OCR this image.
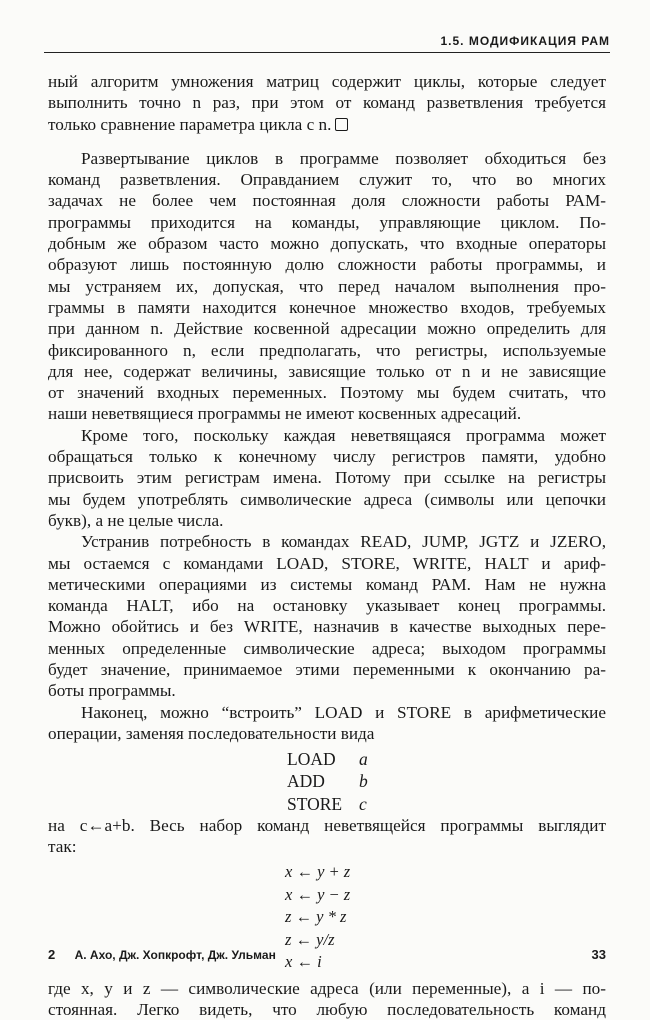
1.5. МОДИФИКАЦИЯ РАМ
ный алгоритм умножения матриц содержит циклы, которые следует
выполнить точно n раз, при этом от команд разветвления требуется
только сравнение параметра цикла с n.
Развертывание циклов в программе позволяет обходиться без
команд разветвления. Оправданием служит то, что во многих
задачах не более чем постоянная доля сложности работы РАМ-
программы приходится на команды, управляющие циклом. По-
добным же образом часто можно допускать, что входные операторы
образуют лишь постоянную долю сложности работы программы, и
мы устраняем их, допуская, что перед началом выполнения про-
граммы в памяти находится конечное множество входов, требуемых
при данном n. Действие косвенной адресации можно определить для
фиксированного n, если предполагать, что регистры, используемые
для нее, содержат величины, зависящие только от n и не зависящие
от значений входных переменных. Поэтому мы будем считать, что
наши неветвящиеся программы не имеют косвенных адресаций.
Кроме того, поскольку каждая неветвящаяся программа может
обращаться только к конечному числу регистров памяти, удобно
присвоить этим регистрам имена. Потому при ссылке на регистры
мы будем употреблять символические адреса (символы или цепочки
букв), а не целые числа.
Устранив потребность в командах READ, JUMP, JGTZ и JZERO,
мы остаемся с командами LOAD, STORE, WRITE, HALT и ариф-
метическими операциями из системы команд РАМ. Нам не нужна
команда HALT, ибо на остановку указывает конец программы.
Можно обойтись и без WRITE, назначив в качестве выходных пере-
менных определенные символические адреса; выходом программы
будет значение, принимаемое этими переменными к окончанию ра-
боты программы.
Наконец, можно “встроить” LOAD и STORE в арифметические
операции, заменяя последовательности вида
LOAD a
ADD b
STORE c
на c←a+b. Весь набор команд неветвящейся программы выглядит
так:
x ← y + z
x ← y − z
z ← y * z
z ← y/z
x ← i
где x, y и z — символические адреса (или переменные), а i — по-
стоянная. Легко видеть, что любую последовательность команд
2 А. Ахо, Дж. Хопкрофт, Дж. Ульман	33
